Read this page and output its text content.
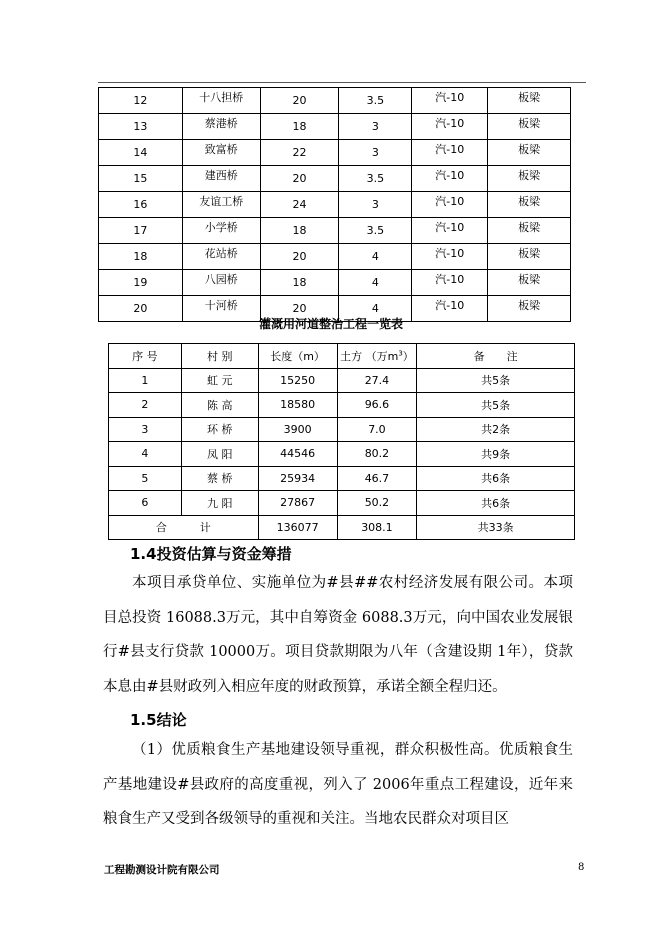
12	十八担桥	20	3.5	汽-10	板梁
13	蔡港桥	18	3	汽-10	板梁
14	致富桥	22	3	汽-10	板梁
15	建西桥	20	3.5	汽-10	板梁
16	友谊工桥	24	3	汽-10	板梁
17	小学桥	18	3.5	汽-10	板梁
18	花站桥	20	4	汽-10	板梁
19	八园桥	18	4	汽-10	板梁
20	十河桥	20	4	汽-10	板梁
灌溉用河道整治工程一览表
序 号	村 别	长度（m）	土方 （万$m^3$）	备　　注
1	虹 元	15250	27.4	共5条
2	陈 高	18580	96.6	共5条
3	环 桥	3900	7.0	共2条
4	凤 阳	44546	80.2	共9条
5	蔡 桥	25934	46.7	共6条
6	九 阳	27867	50.2	共6条
合　　　计		136077	308.1	共33条
1.4投资估算与资金筹措

本项目承贷单位、实施单位为#县##农村经济发展有限公司。本项目总投资 16088.3万元，其中自筹资金 6088.3万元，向中国农业发展银行#县支行贷款 10000万。项目贷款期限为八年（含建设期 1年），贷款本息由#县财政列入相应年度的财政预算，承诺全额全程归还。

1.5结论

（1）优质粮食生产基地建设领导重视，群众积极性高。优质粮食生产基地建设#县政府的高度重视，列入了 2006年重点工程建设，近年来粮食生产又受到各级领导的重视和关注。当地农民群众对项目区

工程勘测设计院有限公司	8
